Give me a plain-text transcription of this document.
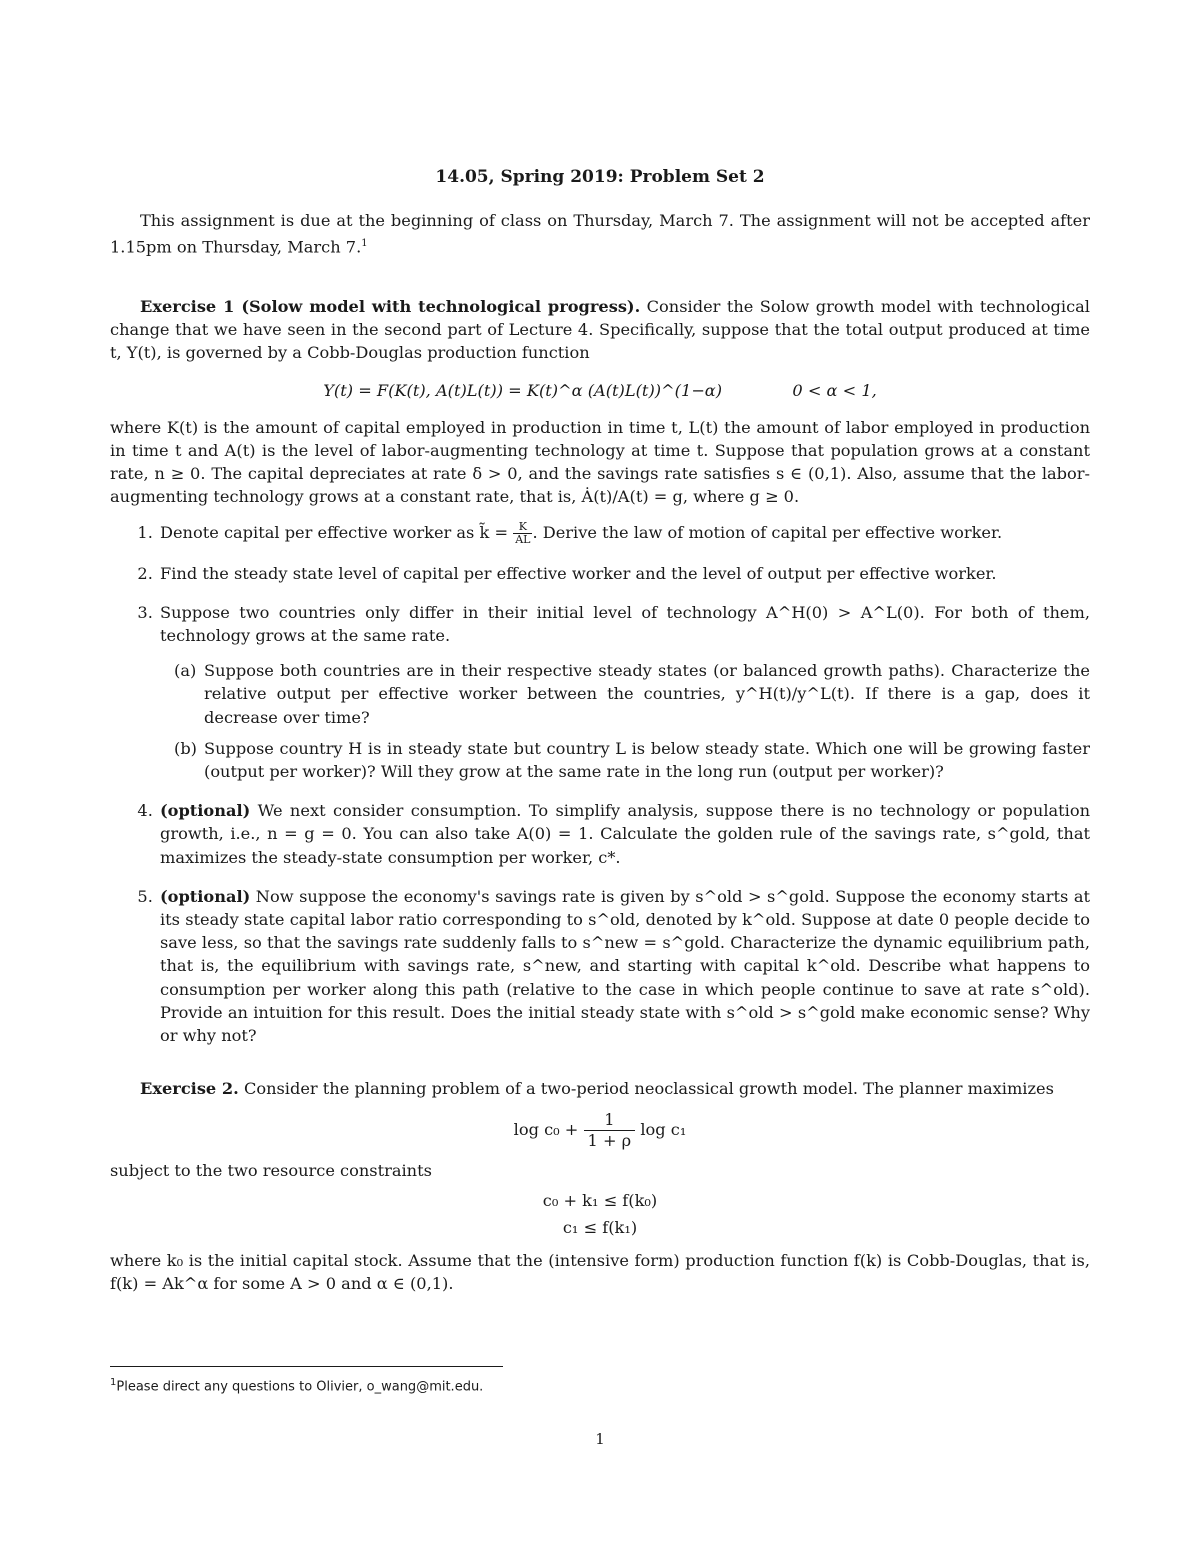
14.05, Spring 2019: Problem Set 2

This assignment is due at the beginning of class on Thursday, March 7. The assignment will not be accepted after 1.15pm on Thursday, March 7.$^1$

Exercise 1 (Solow model with technological progress). Consider the Solow growth model with technological change that we have seen in the second part of Lecture 4. Specifically, suppose that the total output produced at time t, Y(t), is governed by a Cobb-Douglas production function

Y(t) = F(K(t), A(t)L(t)) = K(t)^α (A(t)L(t))^(1−α)	0 < α < 1,

where K(t) is the amount of capital employed in production in time t, L(t) the amount of labor employed in production in time t and A(t) is the level of labor-augmenting technology at time t. Suppose that population grows at a constant rate, n ≥ 0. The capital depreciates at rate δ > 0, and the savings rate satisfies s ∈ (0,1). Also, assume that the labor-augmenting technology grows at a constant rate, that is, Ȧ(t)/A(t) = g, where g ≥ 0.

1. Denote capital per effective worker as k̃ = $\frac{K}{AL}$ . Derive the law of motion of capital per effective worker.
2. Find the steady state level of capital per effective worker and the level of output per effective worker.
3. Suppose two countries only differ in their initial level of technology A^H(0) > A^L(0). For both of them, technology grows at the same rate.
(a) Suppose both countries are in their respective steady states (or balanced growth paths). Characterize the relative output per effective worker between the countries, y^H(t)/y^L(t). If there is a gap, does it decrease over time?
(b) Suppose country H is in steady state but country L is below steady state. Which one will be growing faster (output per worker)? Will they grow at the same rate in the long run (output per worker)?
4. (optional) We next consider consumption. To simplify analysis, suppose there is no technology or population growth, i.e., n = g = 0. You can also take A(0) = 1. Calculate the golden rule of the savings rate, s^gold, that maximizes the steady-state consumption per worker, c*.
5. (optional) Now suppose the economy's savings rate is given by s^old > s^gold. Suppose the economy starts at its steady state capital labor ratio corresponding to s^old, denoted by k^old. Suppose at date 0 people decide to save less, so that the savings rate suddenly falls to s^new = s^gold. Characterize the dynamic equilibrium path, that is, the equilibrium with savings rate, s^new, and starting with capital k^old. Describe what happens to consumption per worker along this path (relative to the case in which people continue to save at rate s^old). Provide an intuition for this result. Does the initial steady state with s^old > s^gold make economic sense? Why or why not?

Exercise 2. Consider the planning problem of a two-period neoclassical growth model. The planner maximizes

$\log c_0 + \frac{1}{1 + \rho}$ log c₁

subject to the two resource constraints

c₀ + k₁ ≤ f(k₀)
c₁ ≤ f(k₁)

where k₀ is the initial capital stock. Assume that the (intensive form) production function f(k) is Cobb-Douglas, that is, f(k) = Ak^α for some A > 0 and α ∈ (0,1).

$^1$Please direct any questions to Olivier, o_wang@mit.edu.
1
